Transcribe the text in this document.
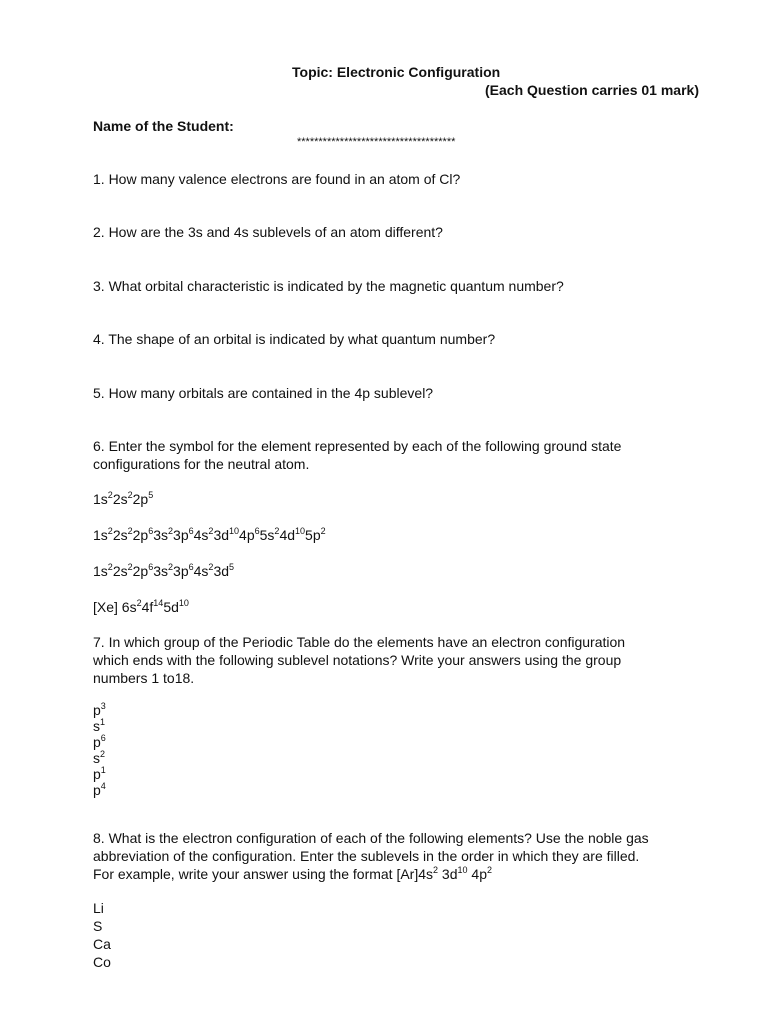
Topic: Electronic Configuration
(Each Question carries 01 mark)
Name of the Student:
*************************************
1. How many valence electrons are found in an atom of Cl?
2. How are the 3s and 4s sublevels of an atom different?
3. What orbital characteristic is indicated by the magnetic quantum number?
4. The shape of an orbital is indicated by what quantum number?
5. How many orbitals are contained in the 4p sublevel?
6. Enter the symbol for the element represented by each of the following ground state
configurations for the neutral atom.
$1s^22s^22p^5$
$1s^22s^22p^63s^23p^64s^23d^{10}4p^65s^24d^{10}5p^2$
$1s^22s^22p^63s^23p^64s^23d^5$
[Xe] $6s^24f^{14}5d^{10}$
7. In which group of the Periodic Table do the elements have an electron configuration
which ends with the following sublevel notations? Write your answers using the group
numbers 1 to18.
$p^3$
$s^1$
$p^6$
$s^2$
$p^1$
$p^4$
8. What is the electron configuration of each of the following elements? Use the noble gas
abbreviation of the configuration. Enter the sublevels in the order in which they are filled.
For example, write your answer using the format $[Ar]4s^2$ $3d^{10}$ $4p^2$
Li
S
Ca
Co
